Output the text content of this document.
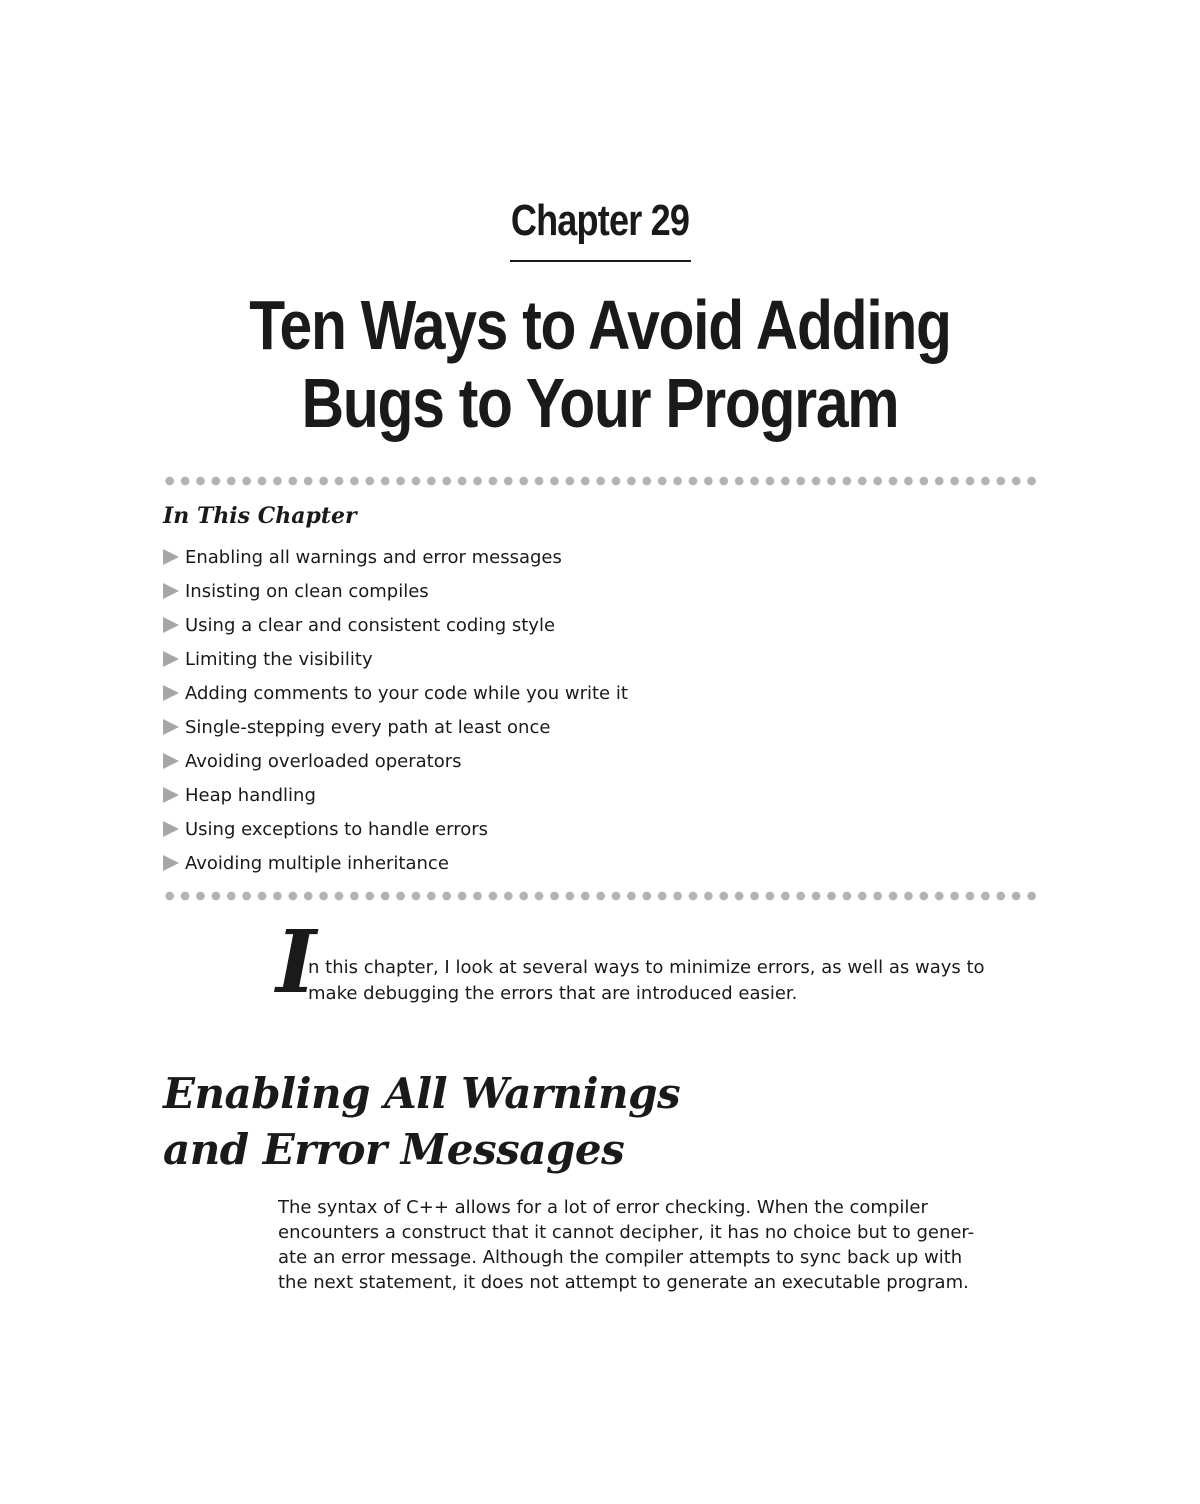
Chapter 29
Ten Ways to Avoid Adding
Bugs to Your Program
In This Chapter
Enabling all warnings and error messages
Insisting on clean compiles
Using a clear and consistent coding style
Limiting the visibility
Adding comments to your code while you write it
Single-stepping every path at least once
Avoiding overloaded operators
Heap handling
Using exceptions to handle errors
Avoiding multiple inheritance
I
n this chapter, I look at several ways to minimize errors, as well as ways to
make debugging the errors that are introduced easier.
Enabling All Warnings
and Error Messages
The syntax of C++ allows for a lot of error checking. When the compiler
encounters a construct that it cannot decipher, it has no choice but to gener-
ate an error message. Although the compiler attempts to sync back up with
the next statement, it does not attempt to generate an executable program.
